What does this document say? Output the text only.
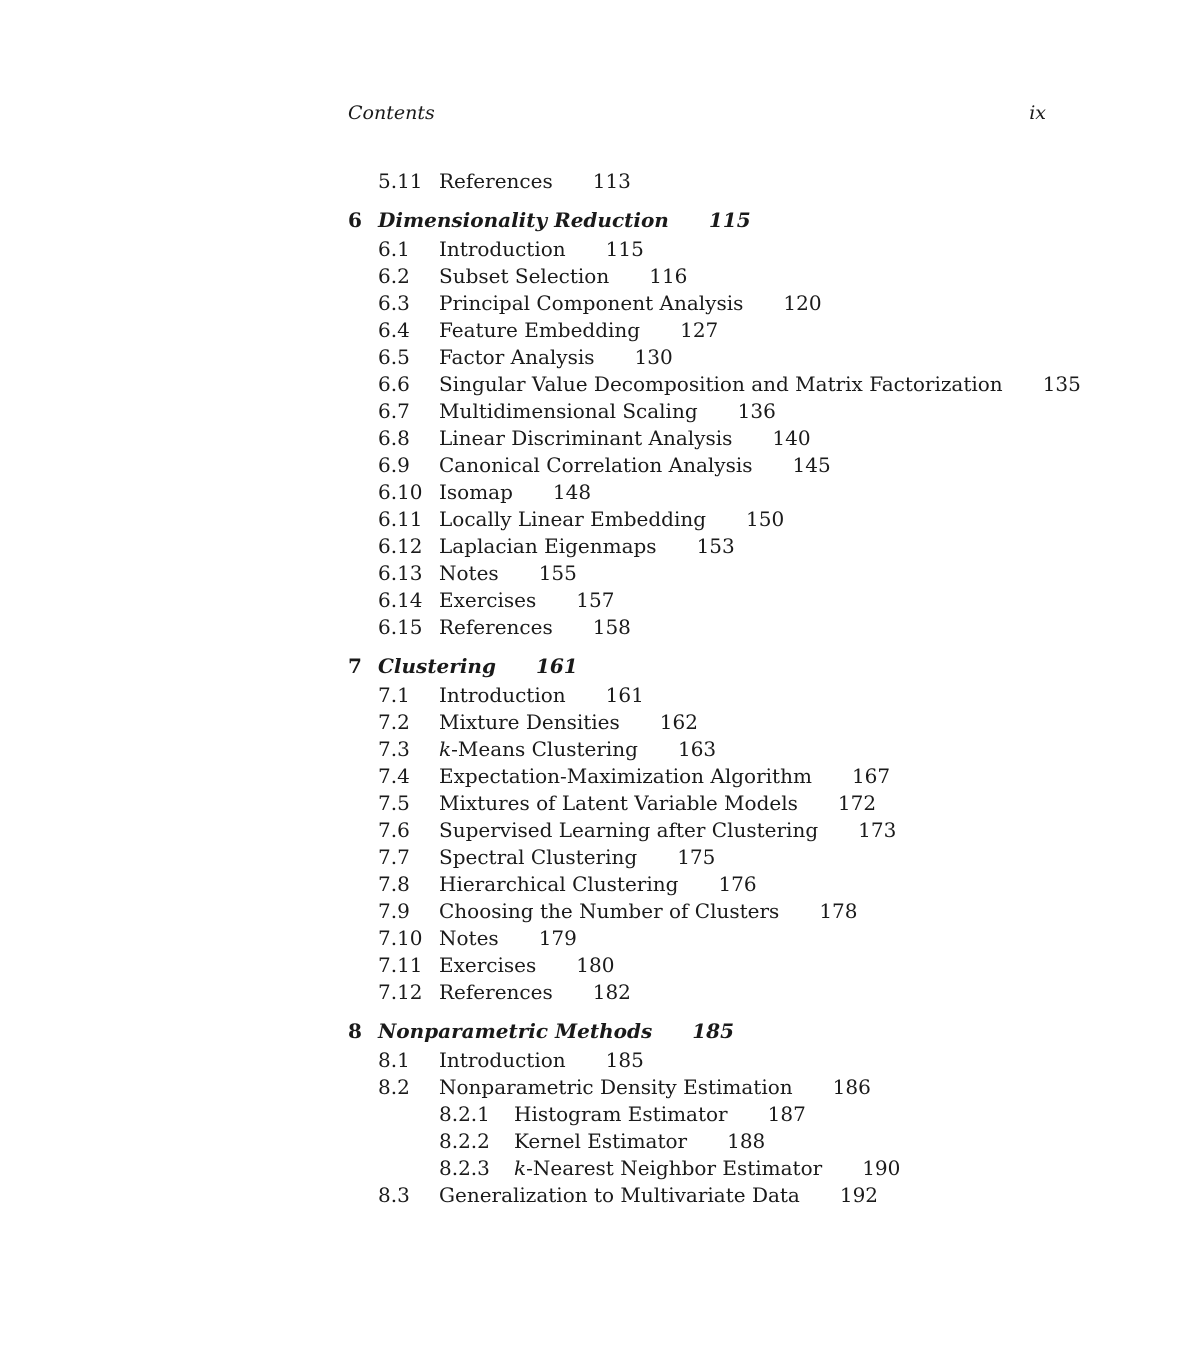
Contents	ix
5.11 References 113
6 Dimensionality Reduction 115
6.1 Introduction 115
6.2 Subset Selection 116
6.3 Principal Component Analysis 120
6.4 Feature Embedding 127
6.5 Factor Analysis 130
6.6 Singular Value Decomposition and Matrix Factorization 135
6.7 Multidimensional Scaling 136
6.8 Linear Discriminant Analysis 140
6.9 Canonical Correlation Analysis 145
6.10 Isomap 148
6.11 Locally Linear Embedding 150
6.12 Laplacian Eigenmaps 153
6.13 Notes 155
6.14 Exercises 157
6.15 References 158
7 Clustering 161
7.1 Introduction 161
7.2 Mixture Densities 162
7.3 k-Means Clustering 163
7.4 Expectation-Maximization Algorithm 167
7.5 Mixtures of Latent Variable Models 172
7.6 Supervised Learning after Clustering 173
7.7 Spectral Clustering 175
7.8 Hierarchical Clustering 176
7.9 Choosing the Number of Clusters 178
7.10 Notes 179
7.11 Exercises 180
7.12 References 182
8 Nonparametric Methods 185
8.1 Introduction 185
8.2 Nonparametric Density Estimation 186
8.2.1 Histogram Estimator 187
8.2.2 Kernel Estimator 188
8.2.3 k-Nearest Neighbor Estimator 190
8.3 Generalization to Multivariate Data 192
